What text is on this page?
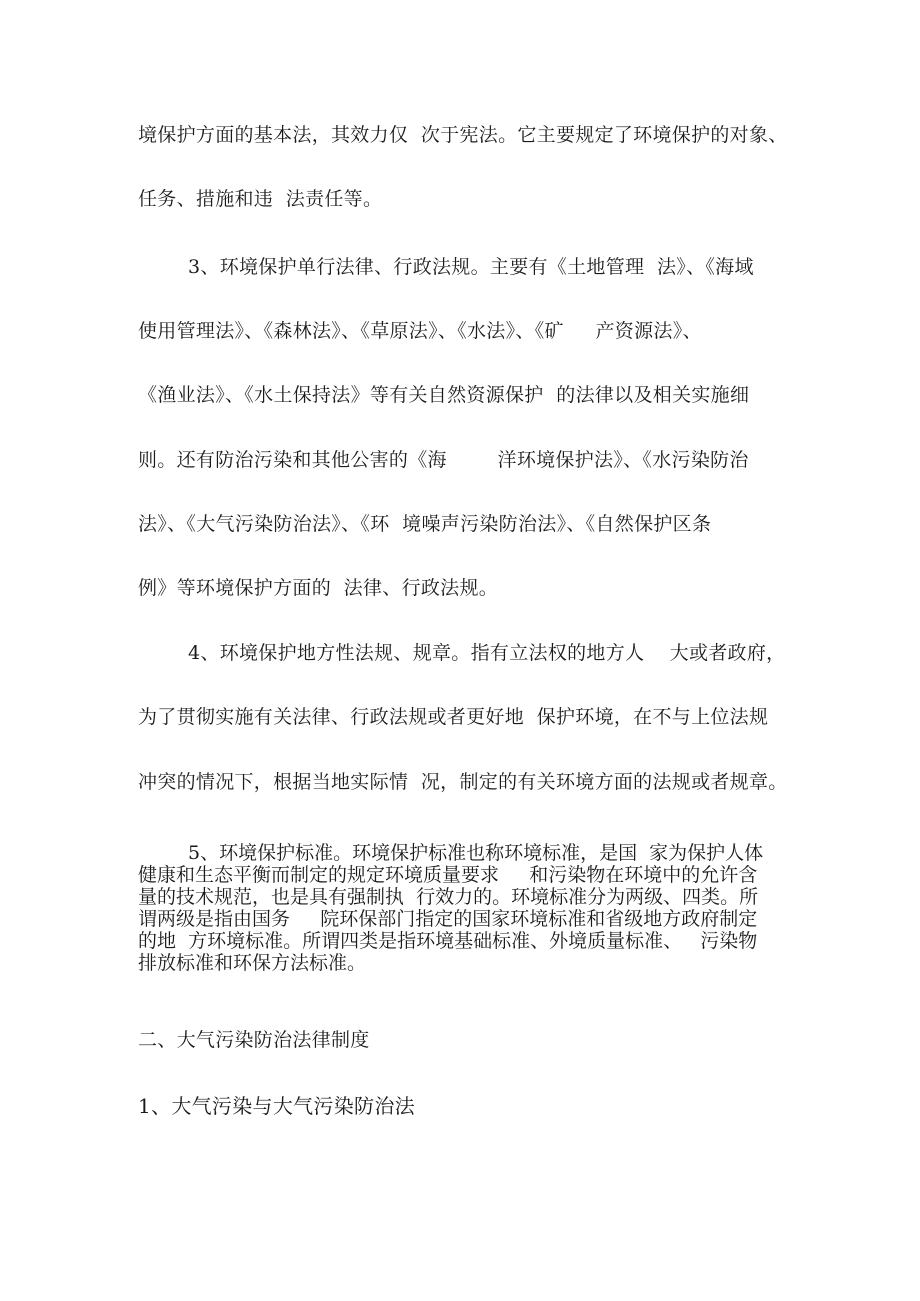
境保护方面的基本法，其效力仅  次于宪法。它主要规定了环境保护的对象、
任务、措施和违  法责任等。
3、环境保护单行法律、行政法规。主要有《土地管理  法》、《海域
使用管理法》、《森林法》、《草原法》、《水法》、《矿     产资源法》、
《渔业法》、《水土保持法》等有关自然资源保护  的法律以及相关实施细
则。还有防治污染和其他公害的《海        洋环境保护法》、《水污染防治
法》、《大气污染防治法》、《环  境噪声污染防治法》、《自然保护区条
例》等环境保护方面的  法律、行政法规。
4、环境保护地方性法规、规章。指有立法权的地方人    大或者政府，
为了贯彻实施有关法律、行政法规或者更好地  保护环境，在不与上位法规
冲突的情况下，根据当地实际情  况，制定的有关环境方面的法规或者规章。
5、环境保护标准。环境保护标准也称环境标准，是国  家为保护人体
健康和生态平衡而制定的规定环境质量要求     和污染物在环境中的允许含
量的技术规范，也是具有强制执  行效力的。环境标准分为两级、四类。所
谓两级是指由国务     院环保部门指定的国家环境标准和省级地方政府制定
的地  方环境标准。所谓四类是指环境基础标准、外境质量标准、   污染物
排放标准和环保方法标准。
二、大气污染防治法律制度
1、大气污染与大气污染防治法
